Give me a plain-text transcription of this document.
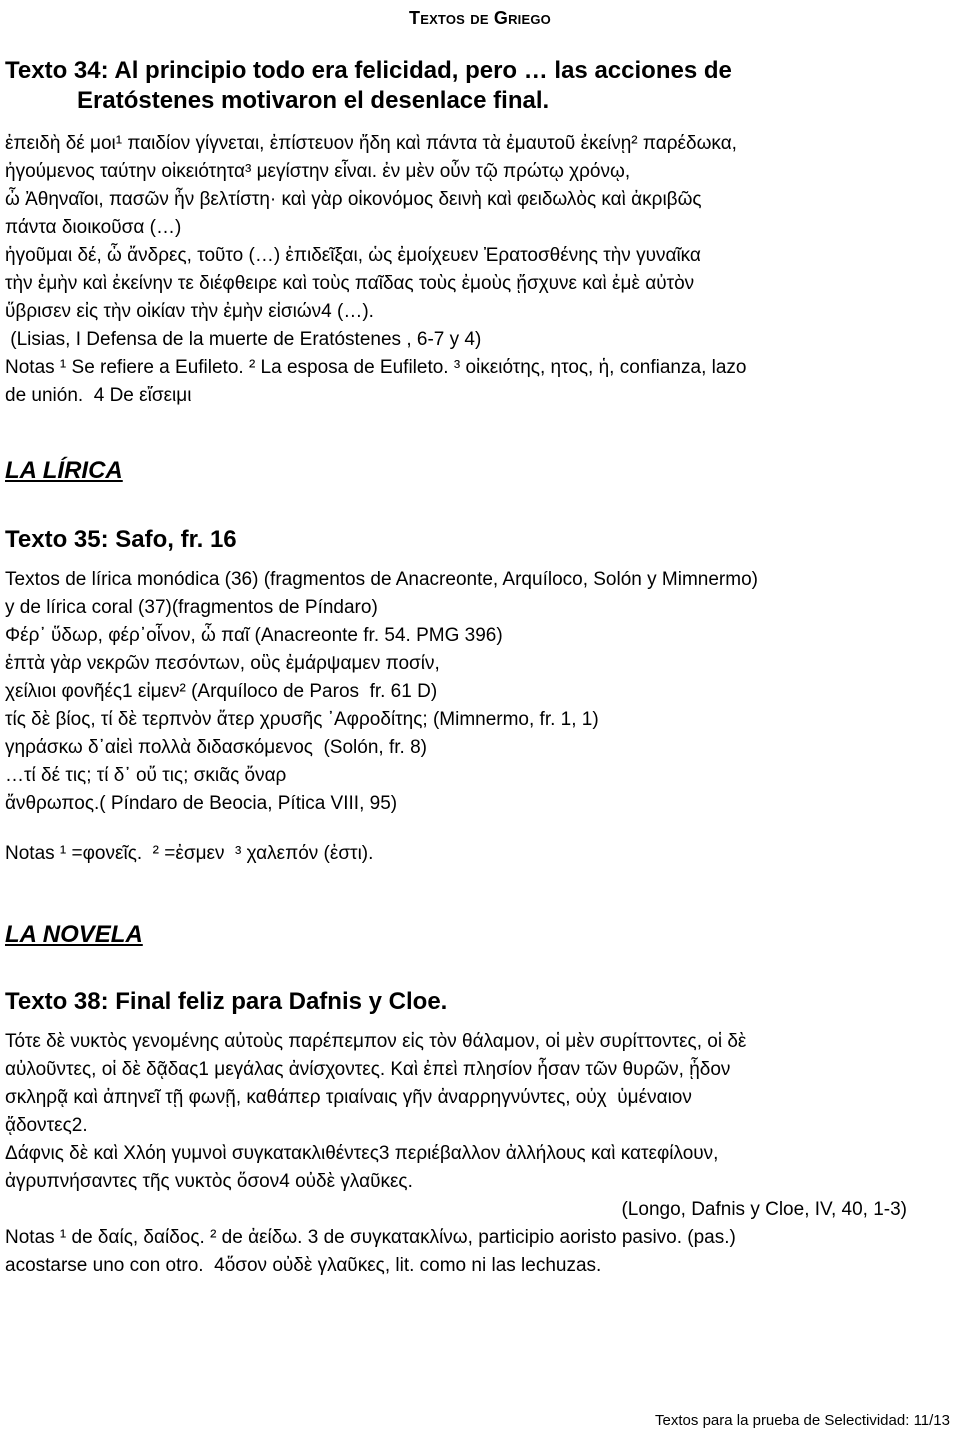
Textos de Griego
Texto 34: Al principio todo era felicidad, pero … las acciones de
Eratóstenes motivaron el desenlace final.
ἐπειδὴ δέ μοι¹ παιδίον γίγνεται, ἐπίστευον ἤδη καὶ πάντα τὰ ἐμαυτοῦ ἐκείνῃ² παρέδωκα,
ἡγούμενος ταύτην οἰκειότητα³ μεγίστην εἶναι. ἐν μὲν οὖν τῷ πρώτῳ χρόνῳ,
ὦ Ἀθηναῖοι, πασῶν ἦν βελτίστη· καὶ γὰρ οἰκονόμος δεινὴ καὶ φειδωλὸς καὶ ἀκριβῶς
πάντα διοικοῦσα (…)
ἡγοῦμαι δέ, ὦ ἄνδρες, τοῦτο (…) ἐπιδεῖξαι, ὡς ἐμοίχευεν Ἐρατοσθένης τὴν γυναῖκα
τὴν ἐμὴν καὶ ἐκείνην τε διέφθειρε καὶ τοὺς παῖδας τοὺς ἐμοὺς ᾔσχυνε καὶ ἐμὲ αὐτὸν
ὕβρισεν εἰς τὴν οἰκίαν τὴν ἐμὴν εἰσιών4 (…).
(Lisias, I Defensa de la muerte de Eratóstenes , 6-7 y 4)
Notas ¹ Se refiere a Eufileto. ² La esposa de Eufileto. ³ οἰκειότης, ητος, ἡ, confianza, lazo
de unión.  4 De εἴσειμι
LA LÍRICA
Texto 35: Safo, fr. 16
Textos de lírica monódica (36) (fragmentos de Anacreonte, Arquíloco, Solón y Mimnermo)
y de lírica coral (37)(fragmentos de Píndaro)
Φέρ᾽ ὕδωρ, φέρ᾽οἶνον, ὦ παῖ (Anacreonte fr. 54. PMG 396)
ἑπτὰ γὰρ νεκρῶν πεσόντων, οὓς ἐμάρψαμεν ποσίν,
χείλιοι φονῆές1 εἰμεν² (Arquíloco de Paros  fr. 61 D)
τίς δὲ βίος, τί δὲ τερπνὸν ἄτερ χρυσῆς ᾽Αφροδίτης; (Mimnermo, fr. 1, 1)
γηράσκω δ᾽αἰεὶ πολλὰ διδασκόμενος  (Solón, fr. 8)
…τί δέ τις; τί δ᾽ οὔ τις; σκιᾶς ὄναρ
ἄνθρωπος.( Píndaro de Beocia, Pítica VIII, 95)
Notas ¹ =φονεῖς.  ² =ἐσμεν  ³ χαλεπόν (ἐστι).
LA NOVELA
Texto 38: Final feliz para Dafnis y Cloe.
Τότε δὲ νυκτὸς γενομένης αὐτοὺς παρέπεμπον εἰς τὸν θάλαμον, οἱ μὲν συρίττοντες, οἱ δὲ
αὐλοῦντες, οἱ δὲ δᾷδας1 μεγάλας ἀνίσχοντες. Καὶ ἐπεὶ πλησίον ἧσαν τῶν θυρῶν, ᾖδον
σκληρᾷ καὶ ἀπηνεῖ τῇ φωνῇ, καθάπερ τριαίναις γῆν ἀναρρηγνύντες, οὐχ  ὑμέναιον
ᾄδοντες2.
Δάφνις δὲ καὶ Χλόη γυμνοὶ συγκατακλιθέντες3 περιέβαλλον ἀλλήλους καὶ κατεφίλουν,
ἀγρυπνήσαντες τῆς νυκτὸς ὅσον4 οὐδὲ γλαῦκες.
(Longo, Dafnis y Cloe, IV, 40, 1-3)
Notas ¹ de δαίς, δαίδος. ² de ἀείδω. 3 de συγκατακλίνω, participio aoristo pasivo. (pas.)
acostarse uno con otro.  4ὅσον οὐδὲ γλαῦκες, lit. como ni las lechuzas.
Textos para la prueba de Selectividad: 11/13
